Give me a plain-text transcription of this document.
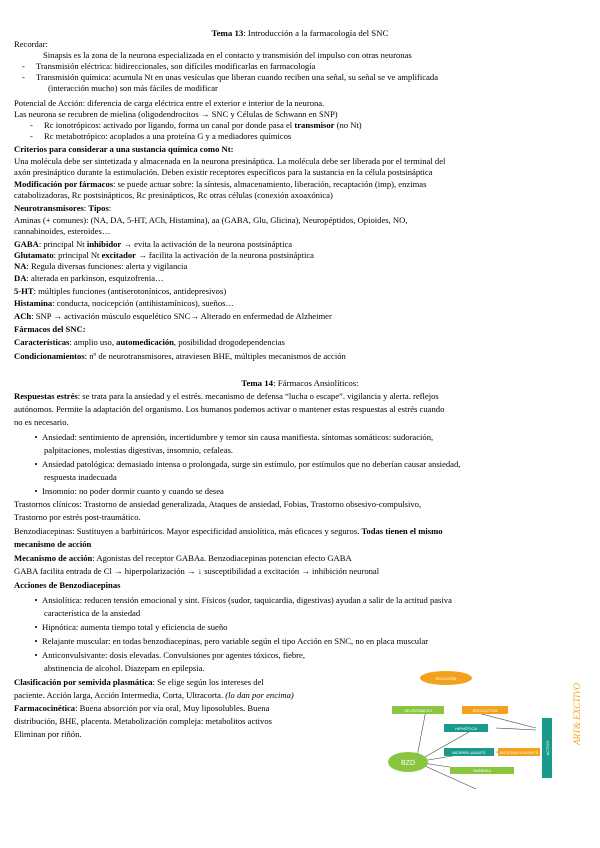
Tema 13: Introducción a la farmacología del SNC
Recordar:
Sinapsis es la zona de la neurona especializada en el contacto y transmisión del impulso con otras neuronas
- Transmisión eléctrica: bidireccionales, son difíciles modificarlas en farmacología
- Transmisión química: acumula Nt en unas vesículas que liberan cuando reciben una señal, su señal se ve amplificada
(interacción mucho) son más fáciles de modificar
Potencial de Acción: diferencia de carga eléctrica entre el exterior e interior de la neurona.
Las neurona se recubren de mielina (oligodendrocitos → SNC y Células de Schwann en SNP)
- Rc ionotrópicos: activado por ligando, forma un canal por donde pasa el transmisor (no Nt)
- Rc metabotrópico: acoplados a una proteína G y a mediadores químicos
Criterios para considerar a una sustancia química como Nt:
Una molécula debe ser sintetizada y almacenada en la neurona presináptica. La molécula debe ser liberada por el terminal del
axón presináptico durante la estimulación. Deben existir receptores específicos para la sustancia en la célula postsináptica
Modificación por fármacos: se puede actuar sobre: la síntesis, almacenamiento, liberación, recaptación (imp), enzimas
catabolizadoras, Rc postsinápticos, Rc presinápticos, Rc otras células (conexión axoaxónica)
Neurotransmisores: Tipos:
Aminas (+ comunes): (NA, DA, 5-HT, ACh, Histamina), aa (GABA, Glu, Glicina), Neuropéptidos, Opioides, NO,
cannabinoides, esteroides…
GABA: principal Nt inhibidor → evita la activación de la neurona postsináptica
Glutamato: principal Nt excitador → facilita la activación de la neurona postsináptica
NA: Regula diversas funciones: alerta y vigilancia
DA: alterada en parkinson, esquizofrenia…
5-HT: múltiples funciones (antiserotonínicos, antidepresivos)
Histamina: conducta, nocicepción (antihistamínicos), sueños…
ACh: SNP → activación músculo esquelético SNC→ Alterado en enfermedad de Alzheimer
Fármacos del SNC:
Características: amplio uso, automedicación, posibilidad drogodependencias
Condicionamientos: nº de neurotransmisores, atraviesen BHE, múltiples mecanismos de acción
Tema 14: Fármacos Ansiolíticos:
Respuestas estrés: se trata para la ansiedad y el estrés. mecanismo de defensa “lucha o escape”. vigilancia y alerta. reflejos
autónomos. Permite la adaptación del organismo. Los humanos podemos activar o mantener estas respuestas al estrés cuando
no es necesario.
• Ansiedad: sentimiento de aprensión, incertidumbre y temor sin causa manifiesta. síntomas somáticos: sudoración,
palpitaciones, molestias digestivas, insomnio, cefaleas.
• Ansiedad patológica: demasiado intensa o prolongada, surge sin estímulo, por estímulos que no deberían causar ansiedad,
respuesta inadecuada
• Insomnio: no poder dormir cuanto y cuando se desea
Trastornos clínicos: Trastorno de ansiedad generalizada, Ataques de ansiedad, Fobias, Trastorno obsesivo-compulsivo,
Trastorno por estrés post-traumático.
Benzodiacepinas: Sustituyen a barbitúricos. Mayor especificidad ansiolítica, más eficaces y seguros. Todas tienen el mismo
mecanismo de acción
Mecanismo de acción: Agonistas del receptor GABAa. Benzodiacepinas potencian efecto GABA
GABA facilita entrada de Cl → hiperpolarización → ↓ susceptibilidad a excitación → inhibición neuronal
Acciones de Benzodiacepinas
• Ansiolítica: reducen tensión emocional y sint. Físicos (sudor, taquicardia, digestivas) ayudan a salir de la actitud pasiva
característica de la ansiedad
• Hipnótica: aumenta tiempo total y eficiencia de sueño
• Relajante muscular: en todas benzodiacepinas, pero variable según el tipo Acción en SNC, no en placa muscular
• Anticonvulsivante: dosis elevadas. Convulsiones por agentes tóxicos, fiebre,
abstinencia de alcohol. Diazepam en epilepsia.
Clasificación por semivida plasmática: Se elige según los intereses del
paciente. Acción larga, Acción Intermedia, Corta, Ultracorta. (lo dan por encima)
Farmacocinética: Buena absorción por vía oral, Muy liposolubles. Buena
distribución, BHE, placenta. Metabolización compleja: metabolitos activos
Eliminan por riñón.
BZD
SEDACIÓN
NEURONALES	ANSIOLÍTICA
HIPNÓTICA
MIORRELAJANTE	ANTICONVULSIVANTE
AMNESIA
ACTIVO
ART& EXCTIVO
